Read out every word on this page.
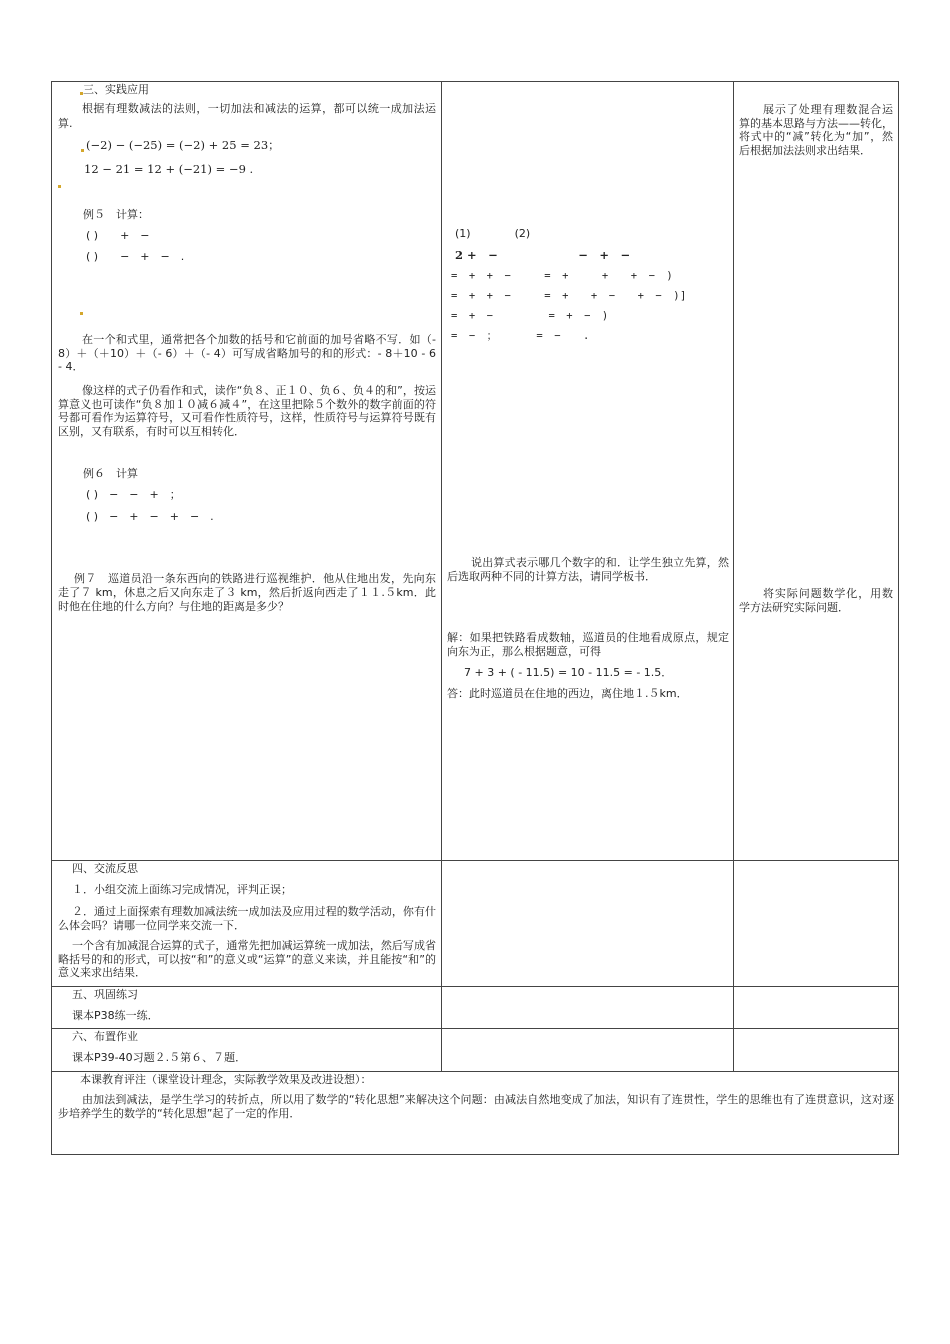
三、实践应用
根据有理数减法的法则，一切加法和减法的运算，都可以统一成加法运算.
(−2) − (−25) = (−2) + 25 = 23；
12 − 21 = 12 + (−21) = −9 .
例５　计算：
( )　　+　−
( )　　−　+　−　.
在一个和式里，通常把各个加数的括号和它前面的加号省略不写．如（- 8）＋（＋10）＋（- 6）＋（- 4）可写成省略加号的和的形式：- 8＋10 - 6 - 4．
像这样的式子仍看作和式，读作“负８、正１０、负６、负４的和”，按运算意义也可读作“负８加１０减６减４”，在这里把除５个数外的数字前面的符号都可看作为运算符号，又可看作性质符号，这样，性质符号与运算符号既有区别，又有联系，有时可以互相转化．
例６　计算
( )　−　−　+　；
( )　−　+　−　+　−　.
例７　巡道员沿一条东西向的铁路进行巡视维护．他从住地出发，先向东走了７ km，休息之后又向东走了３ km，然后折返向西走了１１.５km．此时他在住地的什么方向？与住地的距离是多少？
(1)　　　　(2)
2 +　−　　　　　　　−　+　−
=　+　+　−　　　=　+　　　+　　+　−　)
=　+　+　−　　　=　+　　+　−　　+　−　)]
=　+　−　　　　　=　+　−　)
=　−　；　　　　=　−　　.
说出算式表示哪几个数字的和．让学生独立先算，然后选取两种不同的计算方法，请同学板书．
解：如果把铁路看成数轴，巡道员的住地看成原点，规定向东为正，那么根据题意，可得
7 + 3 + ( - 11.5) = 10 - 11.5 = - 1.5．
答：此时巡道员在住地的西边，离住地１.５km．
展示了处理有理数混合运算的基本思路与方法——转化，将式中的“减”转化为“加”，然后根据加法法则求出结果．
将实际问题数学化，用数学方法研究实际问题．
四、交流反思
１．小组交流上面练习完成情况，评判正误；
２．通过上面探索有理数加减法统一成加法及应用过程的数学活动，你有什么体会吗？请哪一位同学来交流一下．
一个含有加减混合运算的式子，通常先把加减运算统一成加法，然后写成省略括号的和的形式，可以按“和”的意义或“运算”的意义来读，并且能按“和”的意义来求出结果．
五、巩固练习
课本P38练一练．
六、布置作业
课本P39-40习题２.５第６、７题．
本课教育评注（课堂设计理念，实际教学效果及改进设想）：
由加法到减法，是学生学习的转折点，所以用了数学的“转化思想”来解决这个问题：由减法自然地变成了加法，知识有了连贯性，学生的思维也有了连贯意识，这对逐步培养学生的数学的“转化思想”起了一定的作用．
